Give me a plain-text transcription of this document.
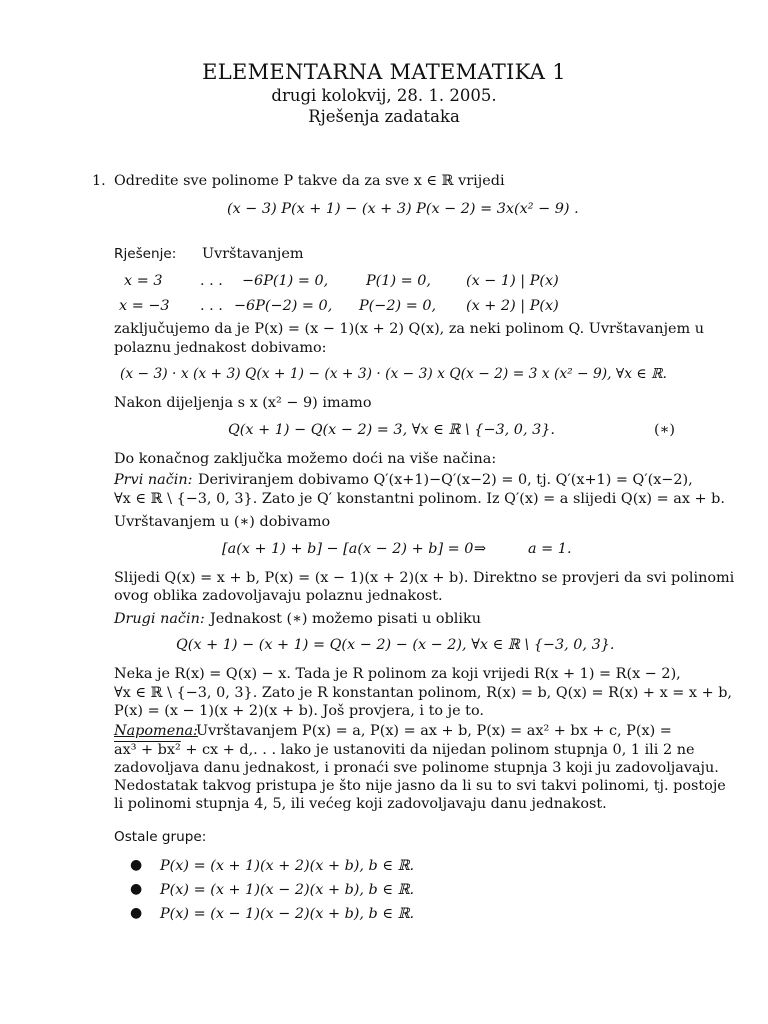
ELEMENTARNA MATEMATIKA 1
drugi kolokvij, 28. 1. 2005.
Rješenja zadataka
1. Odredite sve polinome P takve da za sve x ∈ ℝ vrijedi
(x − 3) P(x + 1) − (x + 3) P(x − 2) = 3x(x² − 9) .
Rješenje: Uvrštavanjem
x = 3	. . . −6P(1) = 0,	P(1) = 0, (x − 1) | P(x)
x = −3 . . . −6P(−2) = 0, P(−2) = 0, (x + 2) | P(x)
zaključujemo da je P(x) = (x − 1)(x + 2) Q(x), za neki polinom Q. Uvrštavanjem u
polaznu jednakost dobivamo:
(x − 3) · x (x + 3) Q(x + 1) − (x + 3) · (x − 3) x Q(x − 2) = 3 x (x² − 9), ∀x ∈ ℝ.
Nakon dijeljenja s x (x² − 9) imamo
Q(x + 1) − Q(x − 2) = 3, ∀x ∈ ℝ \ {−3, 0, 3}.	(∗)
Do konačnog zaključka možemo doći na više načina:
Prvi način: Deriviranjem dobivamo Q′(x+1)−Q′(x−2) = 0, tj. Q′(x+1) = Q′(x−2),
∀x ∈ ℝ \ {−3, 0, 3}. Zato je Q′ konstantni polinom. Iz Q′(x) = a slijedi Q(x) = ax + b.
Uvrštavanjem u (∗) dobivamo
[a(x + 1) + b] − [a(x − 2) + b] = 0 ⇒	a = 1.
Slijedi Q(x) = x + b, P(x) = (x − 1)(x + 2)(x + b). Direktno se provjeri da svi polinomi
ovog oblika zadovoljavaju polaznu jednakost.
Drugi način: Jednakost (∗) možemo pisati u obliku
Q(x + 1) − (x + 1) = Q(x − 2) − (x − 2), ∀x ∈ ℝ \ {−3, 0, 3}.
Neka je R(x) = Q(x) − x. Tada je R polinom za koji vrijedi R(x + 1) = R(x − 2),
∀x ∈ ℝ \ {−3, 0, 3}. Zato je R konstantan polinom, R(x) = b, Q(x) = R(x) + x = x + b,
P(x) = (x − 1)(x + 2)(x + b). Još provjera, i to je to.
Napomena:
Uvrštavanjem P(x) = a, P(x) = ax + b, P(x) = ax² + bx + c, P(x) =
ax³ + bx² + cx + d,. . . lako je ustanoviti da nijedan polinom stupnja 0, 1 ili 2 ne
zadovoljava danu jednakost, i pronaći sve polinome stupnja 3 koji ju zadovoljavaju.
Nedostatak takvog pristupa je što nije jasno da li su to svi takvi polinomi, tj. postoje
li polinomi stupnja 4, 5, ili većeg koji zadovoljavaju danu jednakost.
Ostale grupe:
● P(x) = (x + 1)(x + 2)(x + b), b ∈ ℝ.
● P(x) = (x + 1)(x − 2)(x + b), b ∈ ℝ.
● P(x) = (x − 1)(x − 2)(x + b), b ∈ ℝ.
